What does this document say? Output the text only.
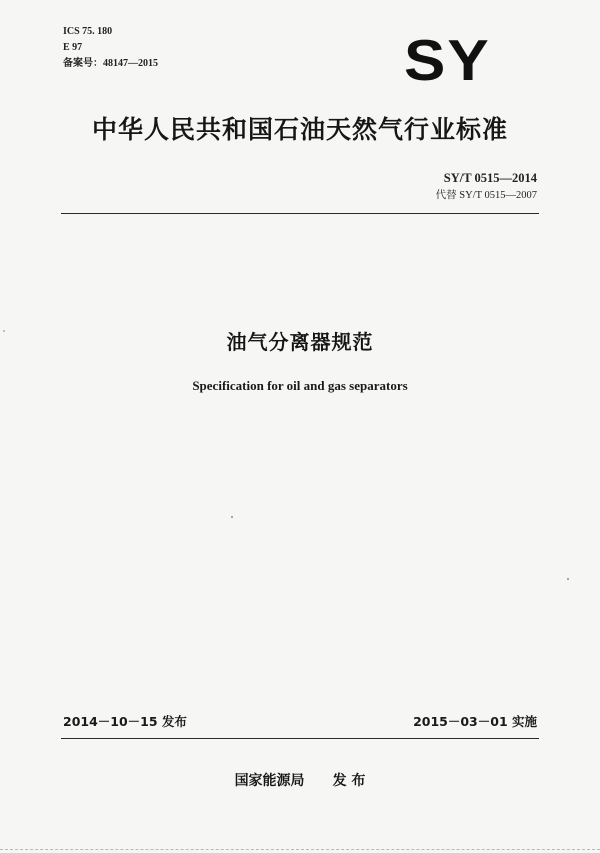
ICS 75. 180
E 97
备案号：48147—2015	SY
中华人民共和国石油天然气行业标准
SY/T 0515—2014
代替 SY/T 0515—2007
油气分离器规范
Specification for oil and gas separators
2014－10－15 发布	2015－03－01 实施
国家能源局 发 布
